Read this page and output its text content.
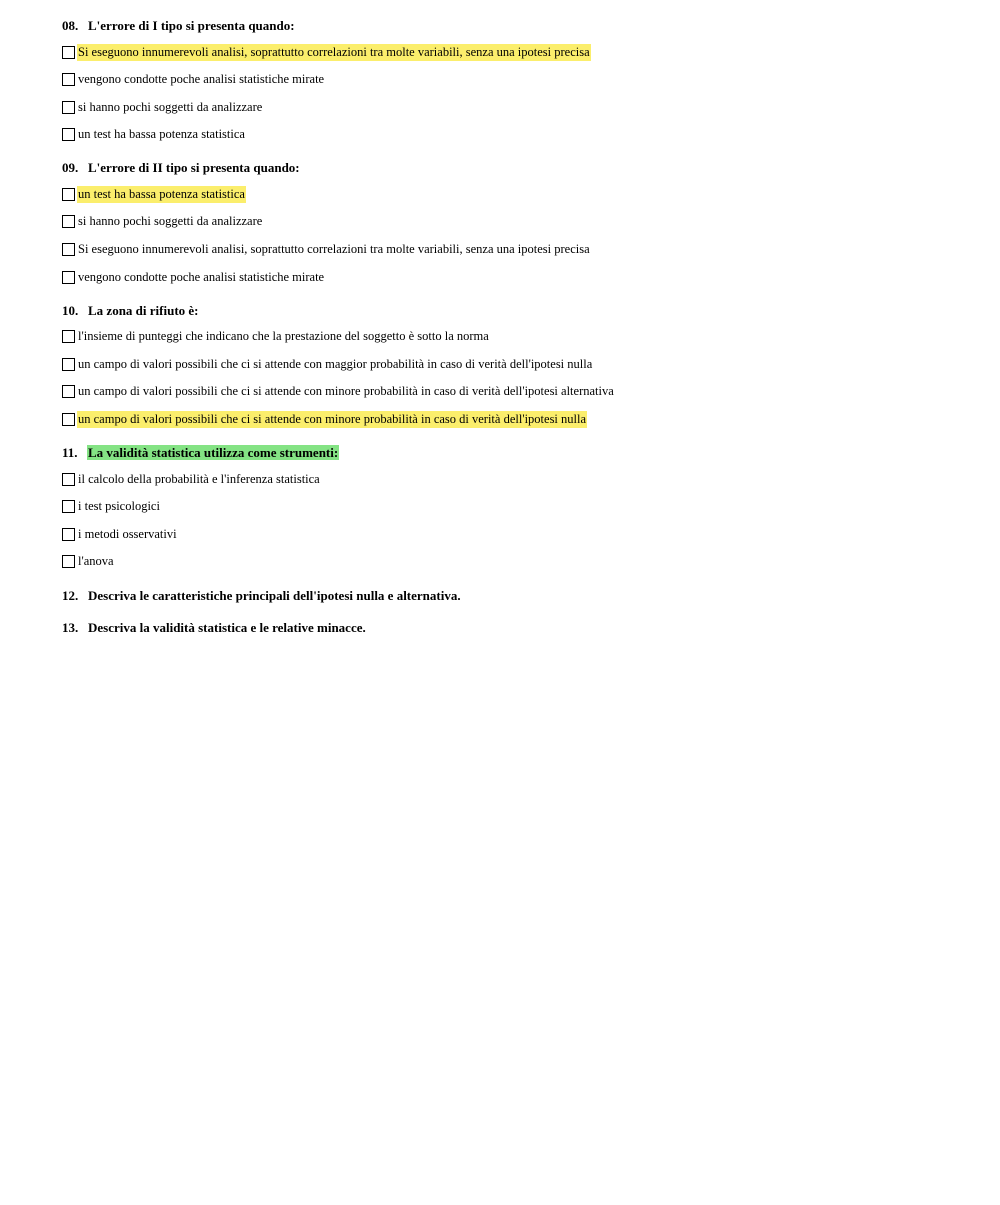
08. L'errore di I tipo si presenta quando:
Si eseguono innumerevoli analisi, soprattutto correlazioni tra molte variabili, senza una ipotesi precisa
vengono condotte poche analisi statistiche mirate
si hanno pochi soggetti da analizzare
un test ha bassa potenza statistica
09. L'errore di II tipo si presenta quando:
un test ha bassa potenza statistica
si hanno pochi soggetti da analizzare
Si eseguono innumerevoli analisi, soprattutto correlazioni tra molte variabili, senza una ipotesi precisa
vengono condotte poche analisi statistiche mirate
10. La zona di rifiuto è:
l'insieme di punteggi che indicano che la prestazione del soggetto è sotto la norma
un campo di valori possibili che ci si attende con maggior probabilità in caso di verità dell'ipotesi nulla
un campo di valori possibili che ci si attende con minore probabilità in caso di verità dell'ipotesi alternativa
un campo di valori possibili che ci si attende con minore probabilità in caso di verità dell'ipotesi nulla
11. La validità statistica utilizza come strumenti:
il calcolo della probabilità e l'inferenza statistica
i test psicologici
i metodi osservativi
l'anova
12. Descriva le caratteristiche principali dell'ipotesi nulla e alternativa.
13. Descriva la validità statistica e le relative minacce.
